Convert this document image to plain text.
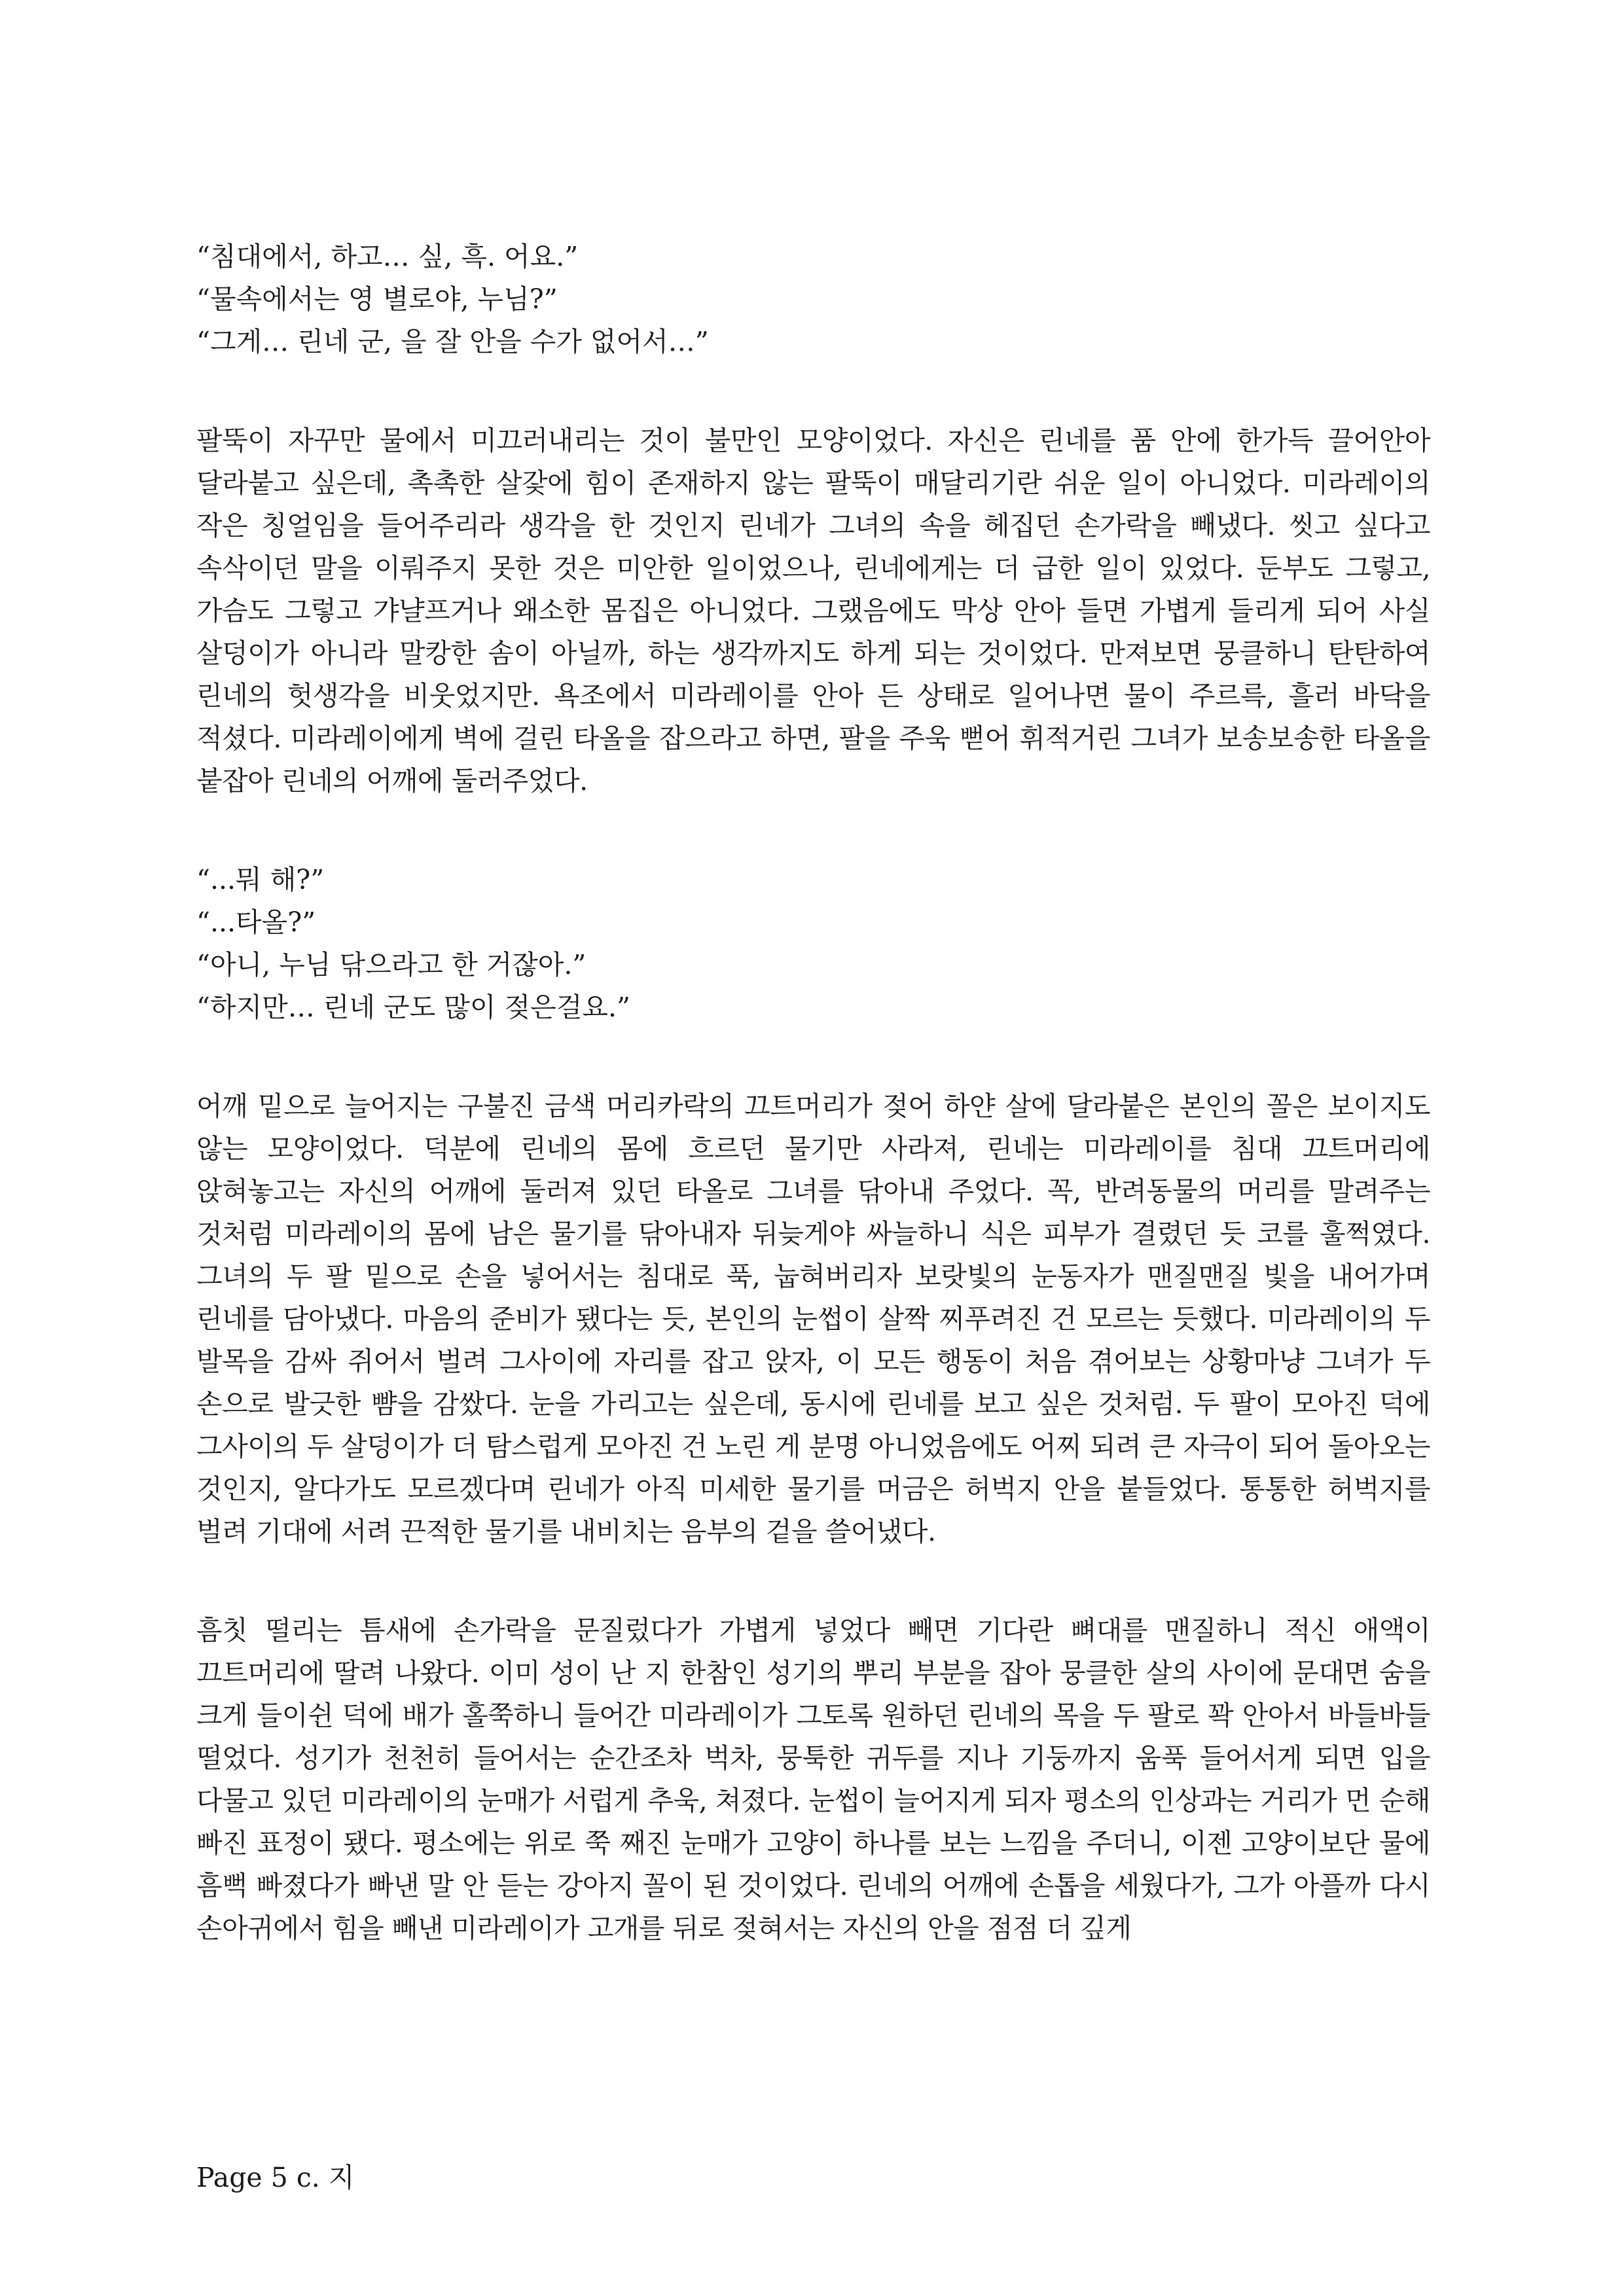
“침대에서, 하고… 싶, 흑. 어요.”

“물속에서는 영 별로야, 누님?”

“그게… 린네 군, 을 잘 안을 수가 없어서…”

팔뚝이 자꾸만 물에서 미끄러내리는 것이 불만인 모양이었다. 자신은 린네를 품 안에 한가득 끌어안아 달라붙고 싶은데, 촉촉한 살갗에 힘이 존재하지 않는 팔뚝이 매달리기란 쉬운 일이 아니었다. 미라레이의 작은 칭얼임을 들어주리라 생각을 한 것인지 린네가 그녀의 속을 헤집던 손가락을 빼냈다. 씻고 싶다고 속삭이던 말을 이뤄주지 못한 것은 미안한 일이었으나, 린네에게는 더 급한 일이 있었다. 둔부도 그렇고, 가슴도 그렇고 갸냘프거나 왜소한 몸집은 아니었다. 그랬음에도 막상 안아 들면 가볍게 들리게 되어 사실 살덩이가 아니라 말캉한 솜이 아닐까, 하는 생각까지도 하게 되는 것이었다. 만져보면 뭉클하니 탄탄하여 린네의 헛생각을 비웃었지만. 욕조에서 미라레이를 안아 든 상태로 일어나면 물이 주르륵, 흘러 바닥을 적셨다. 미라레이에게 벽에 걸린 타올을 잡으라고 하면, 팔을 주욱 뻗어 휘적거린 그녀가 보송보송한 타올을 붙잡아 린네의 어깨에 둘러주었다.

“...뭐 해?”

“...타올?”

“아니, 누님 닦으라고 한 거잖아.”

“하지만… 린네 군도 많이 젖은걸요.”

어깨 밑으로 늘어지는 구불진 금색 머리카락의 끄트머리가 젖어 하얀 살에 달라붙은 본인의 꼴은 보이지도 않는 모양이었다. 덕분에 린네의 몸에 흐르던 물기만 사라져, 린네는 미라레이를 침대 끄트머리에 앉혀놓고는 자신의 어깨에 둘러져 있던 타올로 그녀를 닦아내 주었다. 꼭, 반려동물의 머리를 말려주는 것처럼 미라레이의 몸에 남은 물기를 닦아내자 뒤늦게야 싸늘하니 식은 피부가 결렸던 듯 코를 훌쩍였다. 그녀의 두 팔 밑으로 손을 넣어서는 침대로 푹, 눕혀버리자 보랏빛의 눈동자가 맨질맨질 빛을 내어가며 린네를 담아냈다. 마음의 준비가 됐다는 듯, 본인의 눈썹이 살짝 찌푸려진 건 모르는 듯했다. 미라레이의 두 발목을 감싸 쥐어서 벌려 그사이에 자리를 잡고 앉자, 이 모든 행동이 처음 겪어보는 상황마냥 그녀가 두 손으로 발긋한 뺨을 감쌌다. 눈을 가리고는 싶은데, 동시에 린네를 보고 싶은 것처럼. 두 팔이 모아진 덕에 그사이의 두 살덩이가 더 탐스럽게 모아진 건 노린 게 분명 아니었음에도 어찌 되려 큰 자극이 되어 돌아오는 것인지, 알다가도 모르겠다며 린네가 아직 미세한 물기를 머금은 허벅지 안을 붙들었다. 통통한 허벅지를 벌려 기대에 서려 끈적한 물기를 내비치는 음부의 겉을 쓸어냈다.

흠칫 떨리는 틈새에 손가락을 문질렀다가 가볍게 넣었다 빼면 기다란 뼈대를 맨질하니 적신 애액이 끄트머리에 딸려 나왔다. 이미 성이 난 지 한참인 성기의 뿌리 부분을 잡아 뭉클한 살의 사이에 문대면 숨을 크게 들이쉰 덕에 배가 홀쭉하니 들어간 미라레이가 그토록 원하던 린네의 목을 두 팔로 꽉 안아서 바들바들 떨었다. 성기가 천천히 들어서는 순간조차 벅차, 뭉툭한 귀두를 지나 기둥까지 움푹 들어서게 되면 입을 다물고 있던 미라레이의 눈매가 서럽게 추욱, 쳐졌다. 눈썹이 늘어지게 되자 평소의 인상과는 거리가 먼 순해 빠진 표정이 됐다. 평소에는 위로 쭉 째진 눈매가 고양이 하나를 보는 느낌을 주더니, 이젠 고양이보단 물에 흠뻑 빠졌다가 빠낸 말 안 듣는 강아지 꼴이 된 것이었다. 린네의 어깨에 손톱을 세웠다가, 그가 아플까 다시 손아귀에서 힘을 빼낸 미라레이가 고개를 뒤로 젖혀서는 자신의 안을 점점 더 깊게

Page 5 c. 지
